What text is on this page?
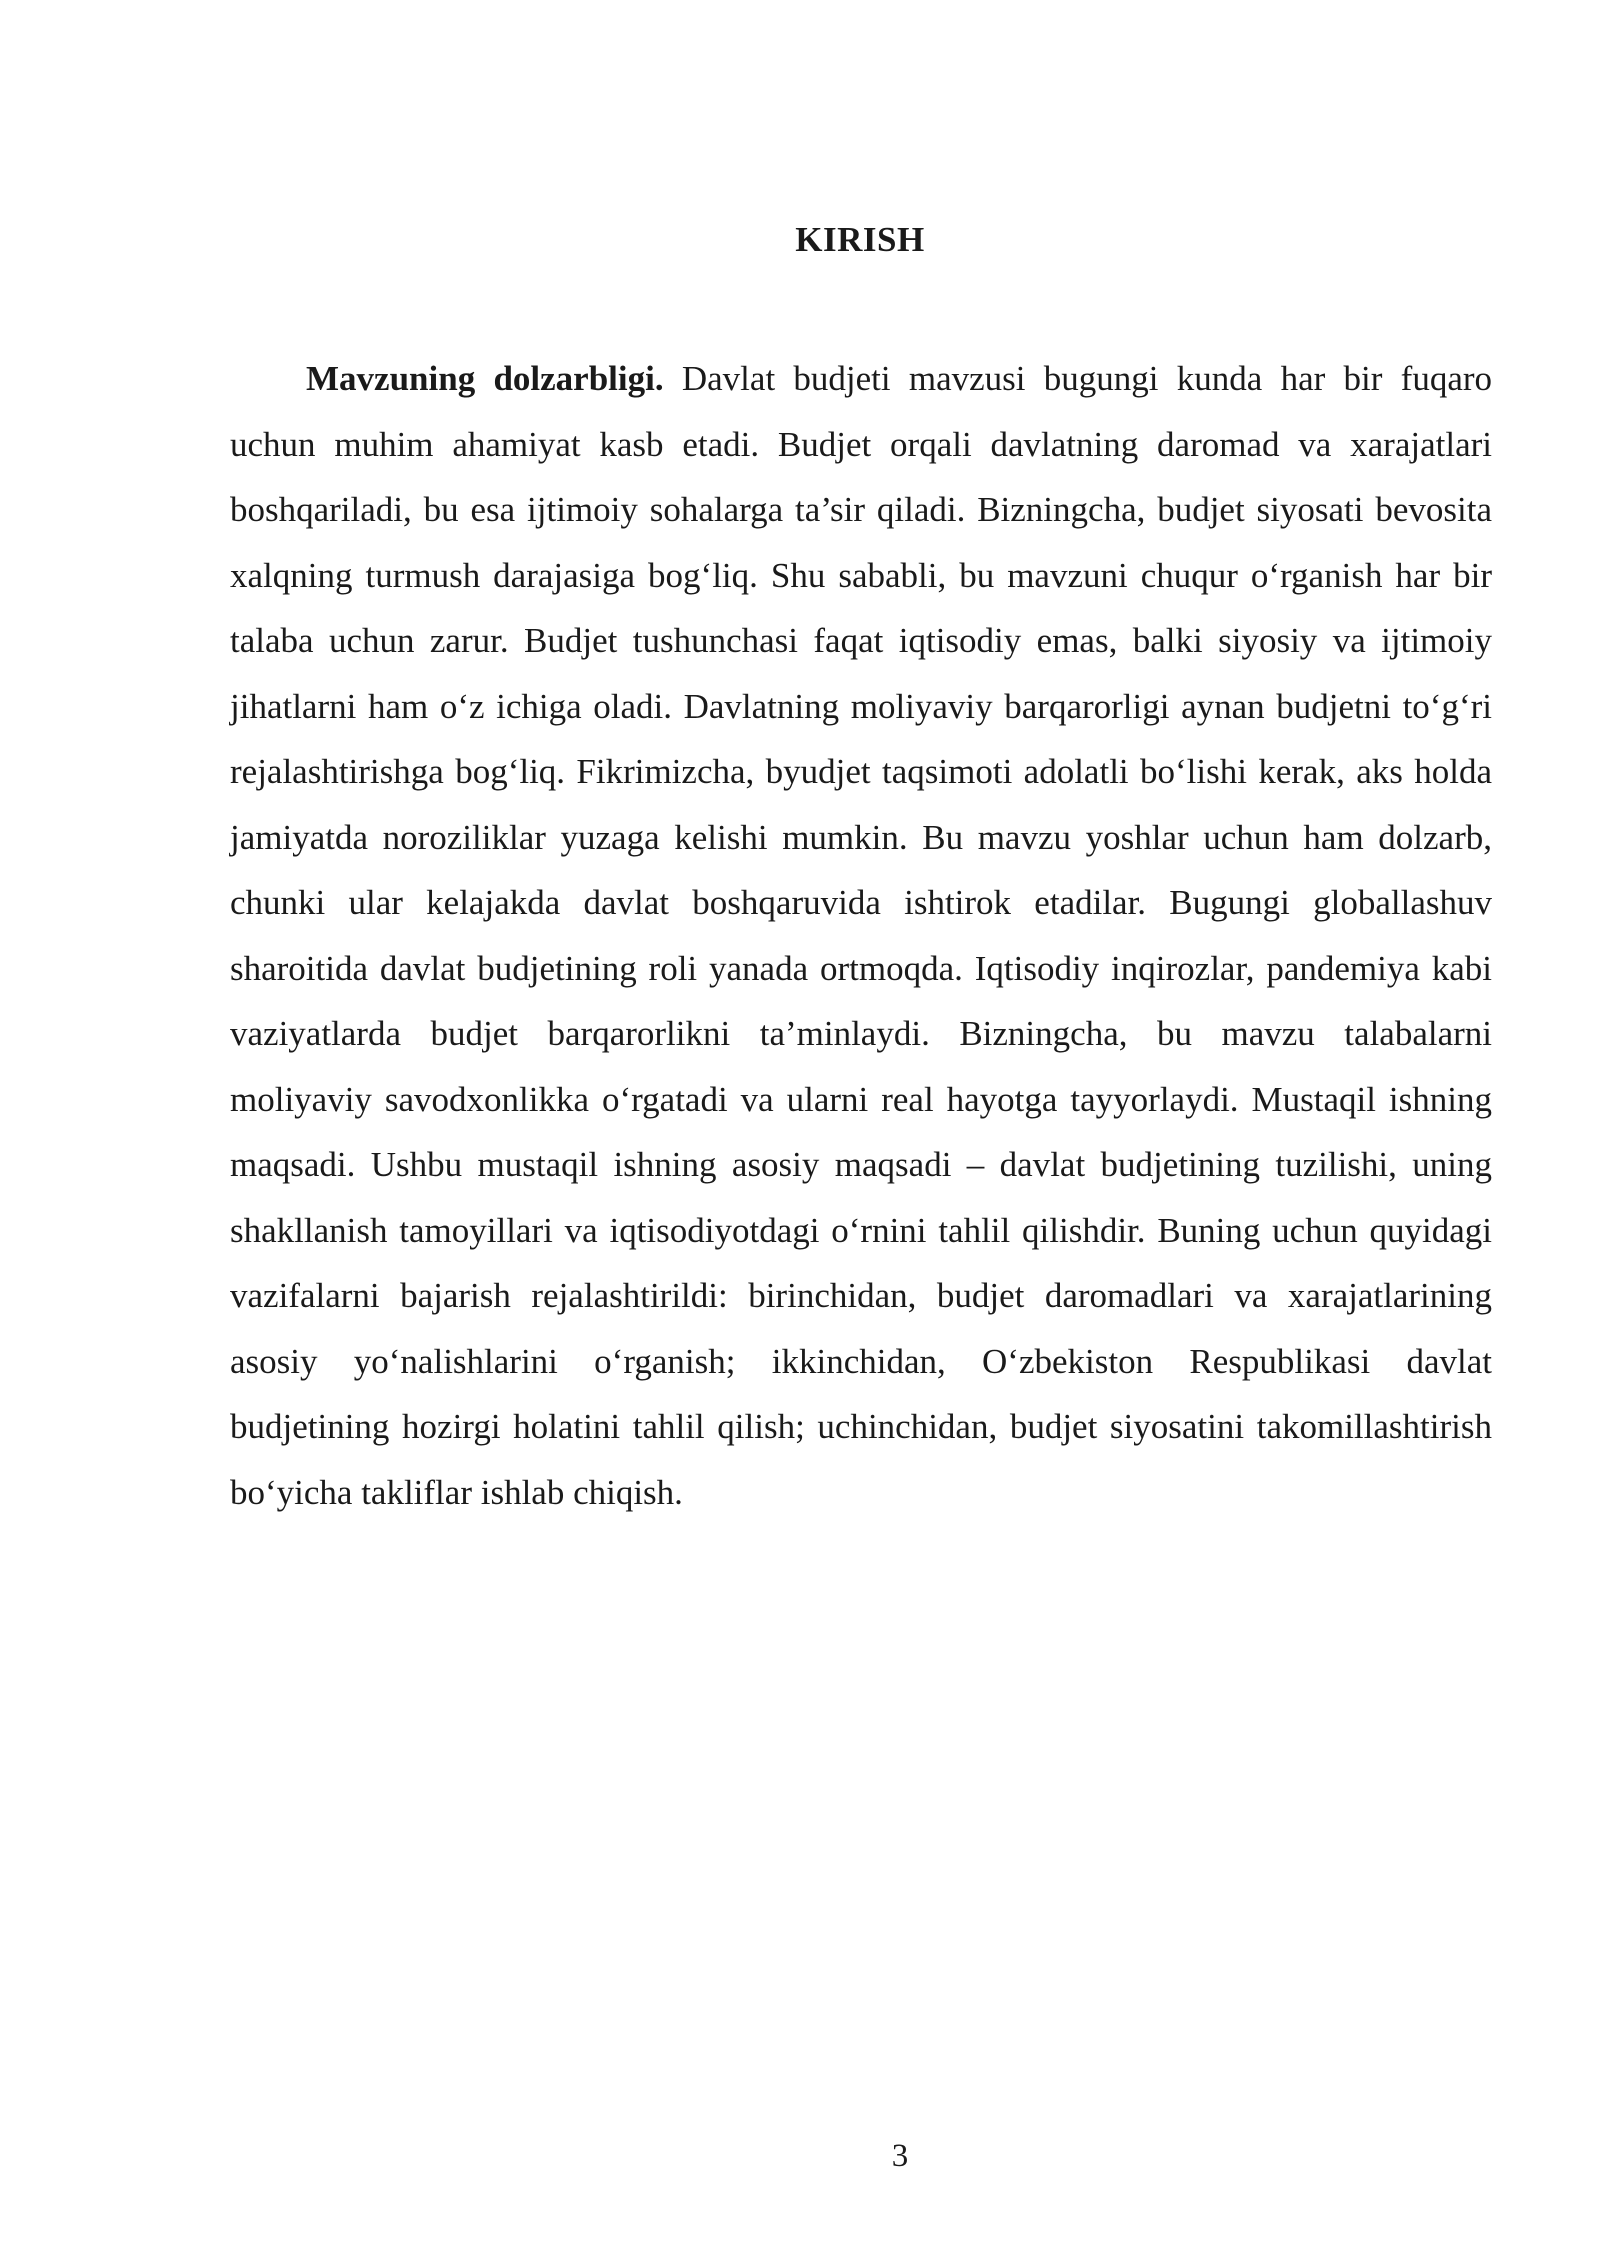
KIRISH

Mavzuning dolzarbligi. Davlat budjeti mavzusi bugungi kunda har bir fuqaro uchun muhim ahamiyat kasb etadi. Budjet orqali davlatning daromad va xarajatlari boshqariladi, bu esa ijtimoiy sohalarga ta’sir qiladi. Bizningcha, budjet siyosati bevosita xalqning turmush darajasiga bog‘liq. Shu sababli, bu mavzuni chuqur o‘rganish har bir talaba uchun zarur. Budjet tushunchasi faqat iqtisodiy emas, balki siyosiy va ijtimoiy jihatlarni ham o‘z ichiga oladi. Davlatning moliyaviy barqarorligi aynan budjetni to‘g‘ri rejalashtirishga bog‘liq. Fikrimizcha, byudjet taqsimoti adolatli bo‘lishi kerak, aks holda jamiyatda noroziliklar yuzaga kelishi mumkin. Bu mavzu yoshlar uchun ham dolzarb, chunki ular kelajakda davlat boshqaruvida ishtirok etadilar. Bugungi globallashuv sharoitida davlat budjetining roli yanada ortmoqda. Iqtisodiy inqirozlar, pandemiya kabi vaziyatlarda budjet barqarorlikni ta’minlaydi. Bizningcha, bu mavzu talabalarni moliyaviy savodxonlikka o‘rgatadi va ularni real hayotga tayyorlaydi. Mustaqil ishning maqsadi. Ushbu mustaqil ishning asosiy maqsadi – davlat budjetining tuzilishi, uning shakllanish tamoyillari va iqtisodiyotdagi o‘rnini tahlil qilishdir. Buning uchun quyidagi vazifalarni bajarish rejalashtirildi: birinchidan, budjet daromadlari va xarajatlarining asosiy yo‘nalishlarini o‘rganish; ikkinchidan, O‘zbekiston Respublikasi davlat budjetining hozirgi holatini tahlil qilish; uchinchidan, budjet siyosatini takomillashtirish bo‘yicha takliflar ishlab chiqish.

3
